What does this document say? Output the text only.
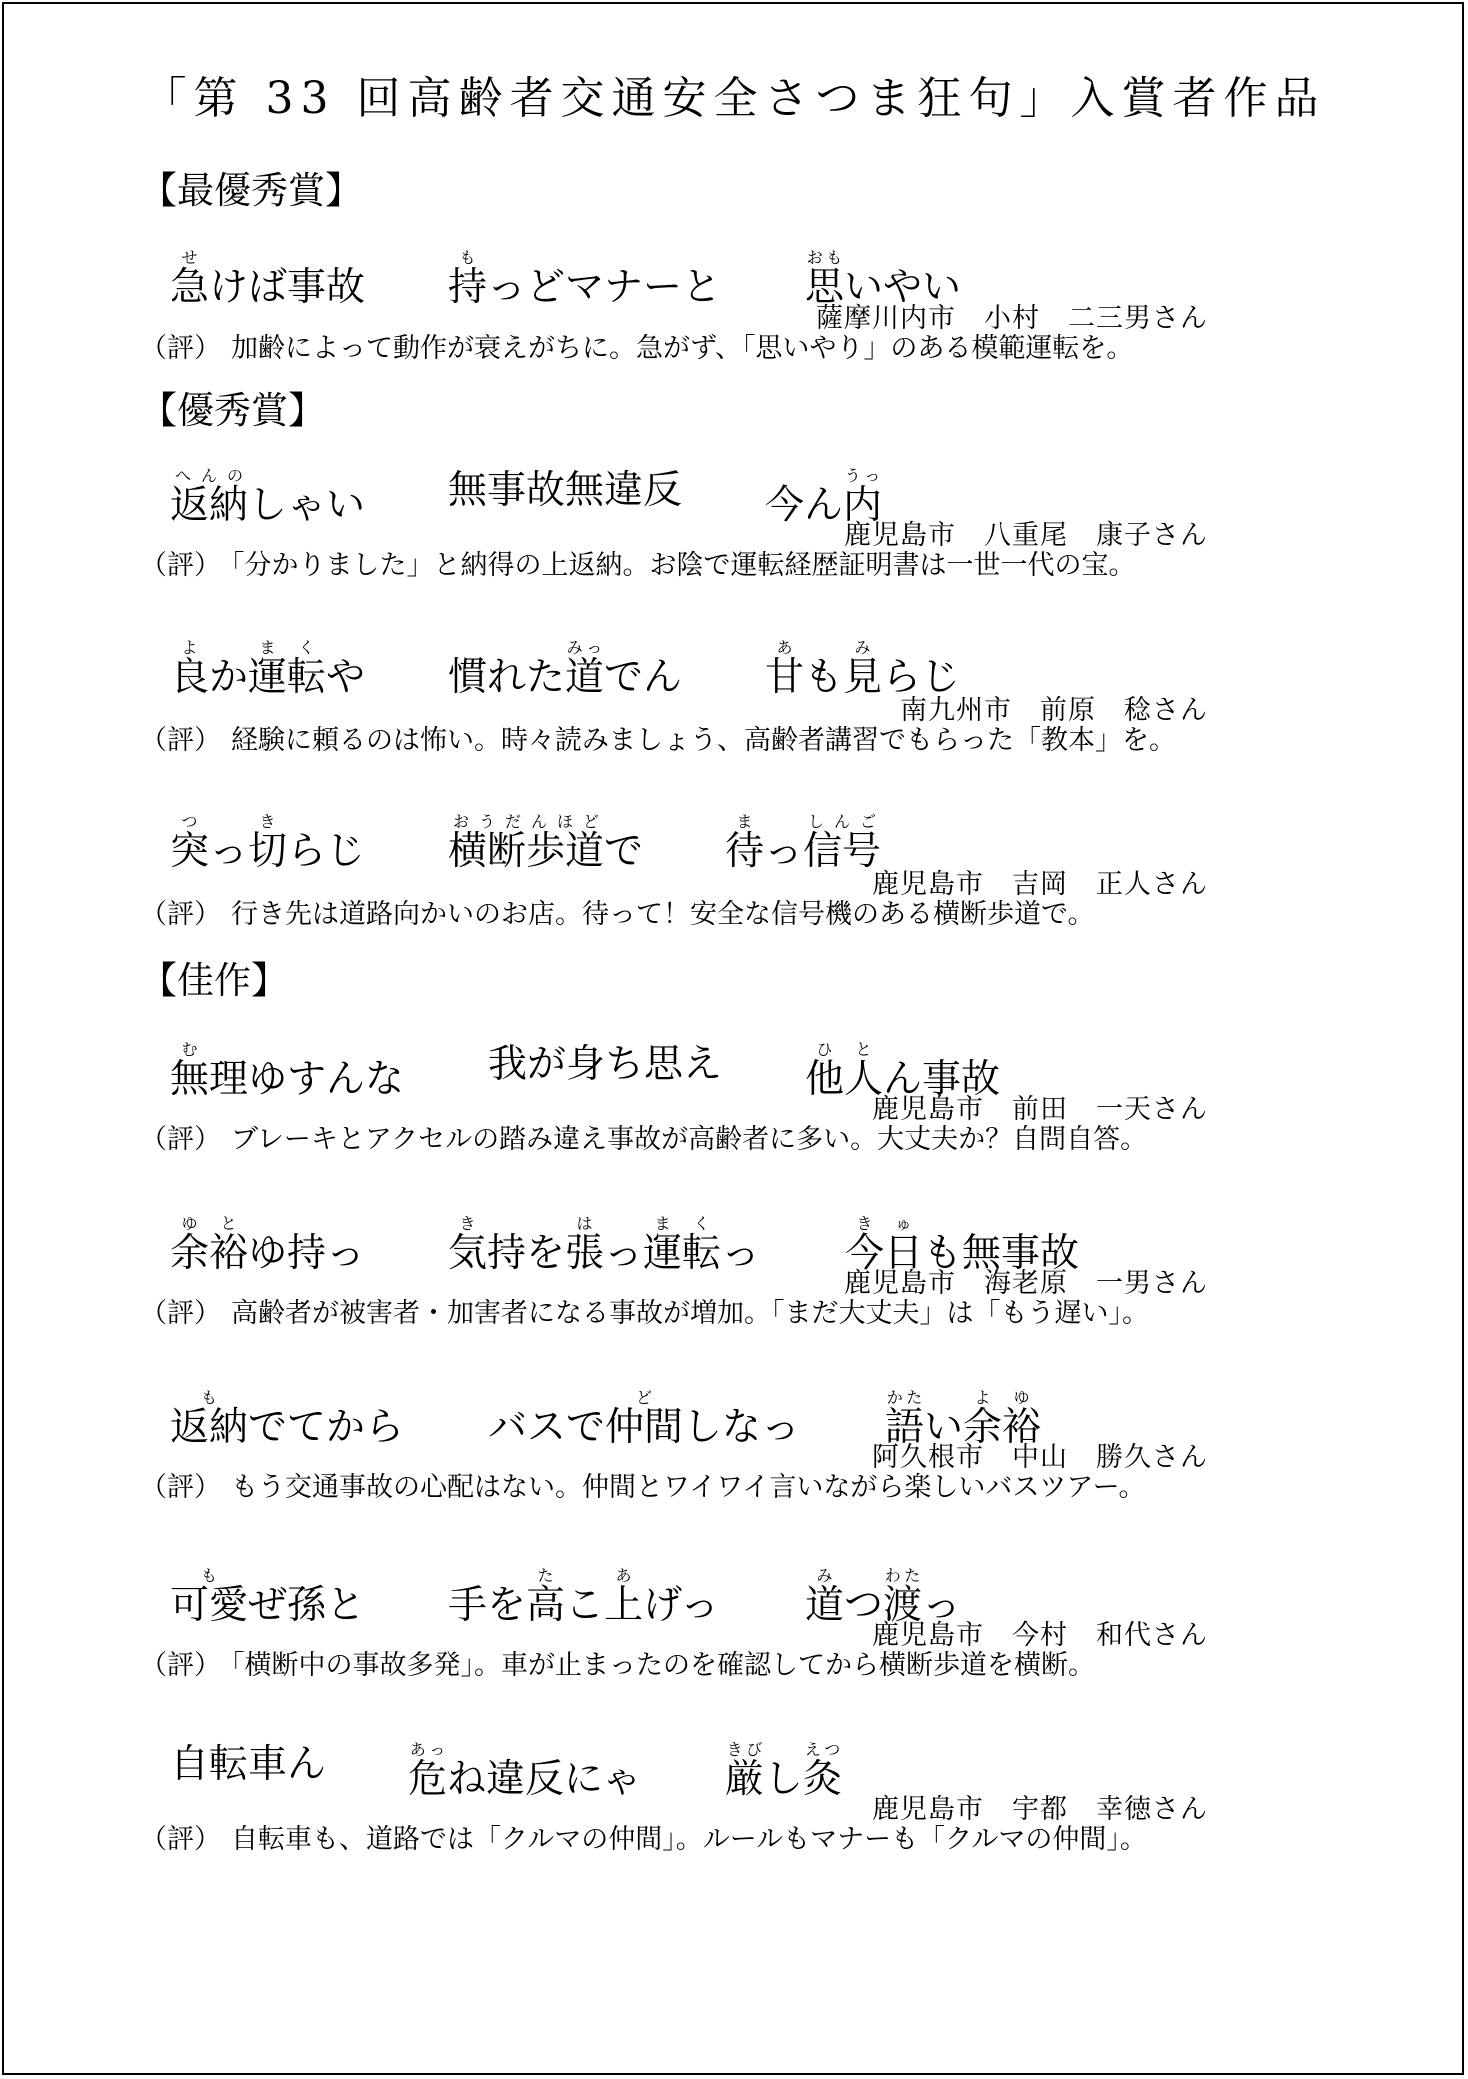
「第 33 回高齢者交通安全さつま狂句」入賞者作品
【最優秀賞】
急せ
けば事故 持も
っどマナーと 思おも
いやい
薩摩川内市　小村　二三男さん
（評） 加齢によって動作が衰えがちに。急がず、「思いやり」のある模範運転を。
【優秀賞】
返納へんの
しゃい 無事故無違反 今ん 内うっ
鹿児島市　八重尾　康子さん
（評） 「分かりました」と納得の上返納。お陰で運転経歴証明書は一世一代の宝。
良よ
か 運転まく
や 慣れた 道みっ
でん 甘あ
も 見み
らじ
南九州市　前原　稔さん
（評） 経験に頼るのは怖い。時々読みましょう、高齢者講習でもらった「教本」を。
突つ
っ 切き
らじ 横断歩道おうだんほど
で 待ま
っ 信号しんご
鹿児島市　吉岡　正人さん
（評） 行き先は道路向かいのお店。待って！安全な信号機のある横断歩道で。
【佳作】
無む
理ゆすんな 我が身ち思え 他人ひと
ん事故
鹿児島市　前田　一天さん
（評） ブレーキとアクセルの踏み違え事故が高齢者に多い。大丈夫か？自問自答。
余裕ゆと
ゆ持っ 気き
持を 張は
っ 運転まく
っ 今日きゅ
も無事故
鹿児島市　海老原　一男さん
（評） 高齢者が被害者・加害者になる事故が増加。「まだ大丈夫」は「もう遅い」。
返納も
でてから バスで 仲間ど
しなっ 語かた
い 余裕よゆ
阿久根市　中山　勝久さん
（評） もう交通事故の心配はない。仲間とワイワイ言いながら楽しいバスツアー。
可愛も
ぜ孫と 手を 高た
こ 上あ
げっ 道み
つ 渡わた
っ
鹿児島市　今村　和代さん
（評） 「横断中の事故多発」。車が止まったのを確認してから横断歩道を横断。
自転車ん 危あっ
ね違反にゃ 厳きび
し 灸えつ
鹿児島市　宇都　幸徳さん
（評） 自転車も、道路では「クルマの仲間」。ルールもマナーも「クルマの仲間」。
